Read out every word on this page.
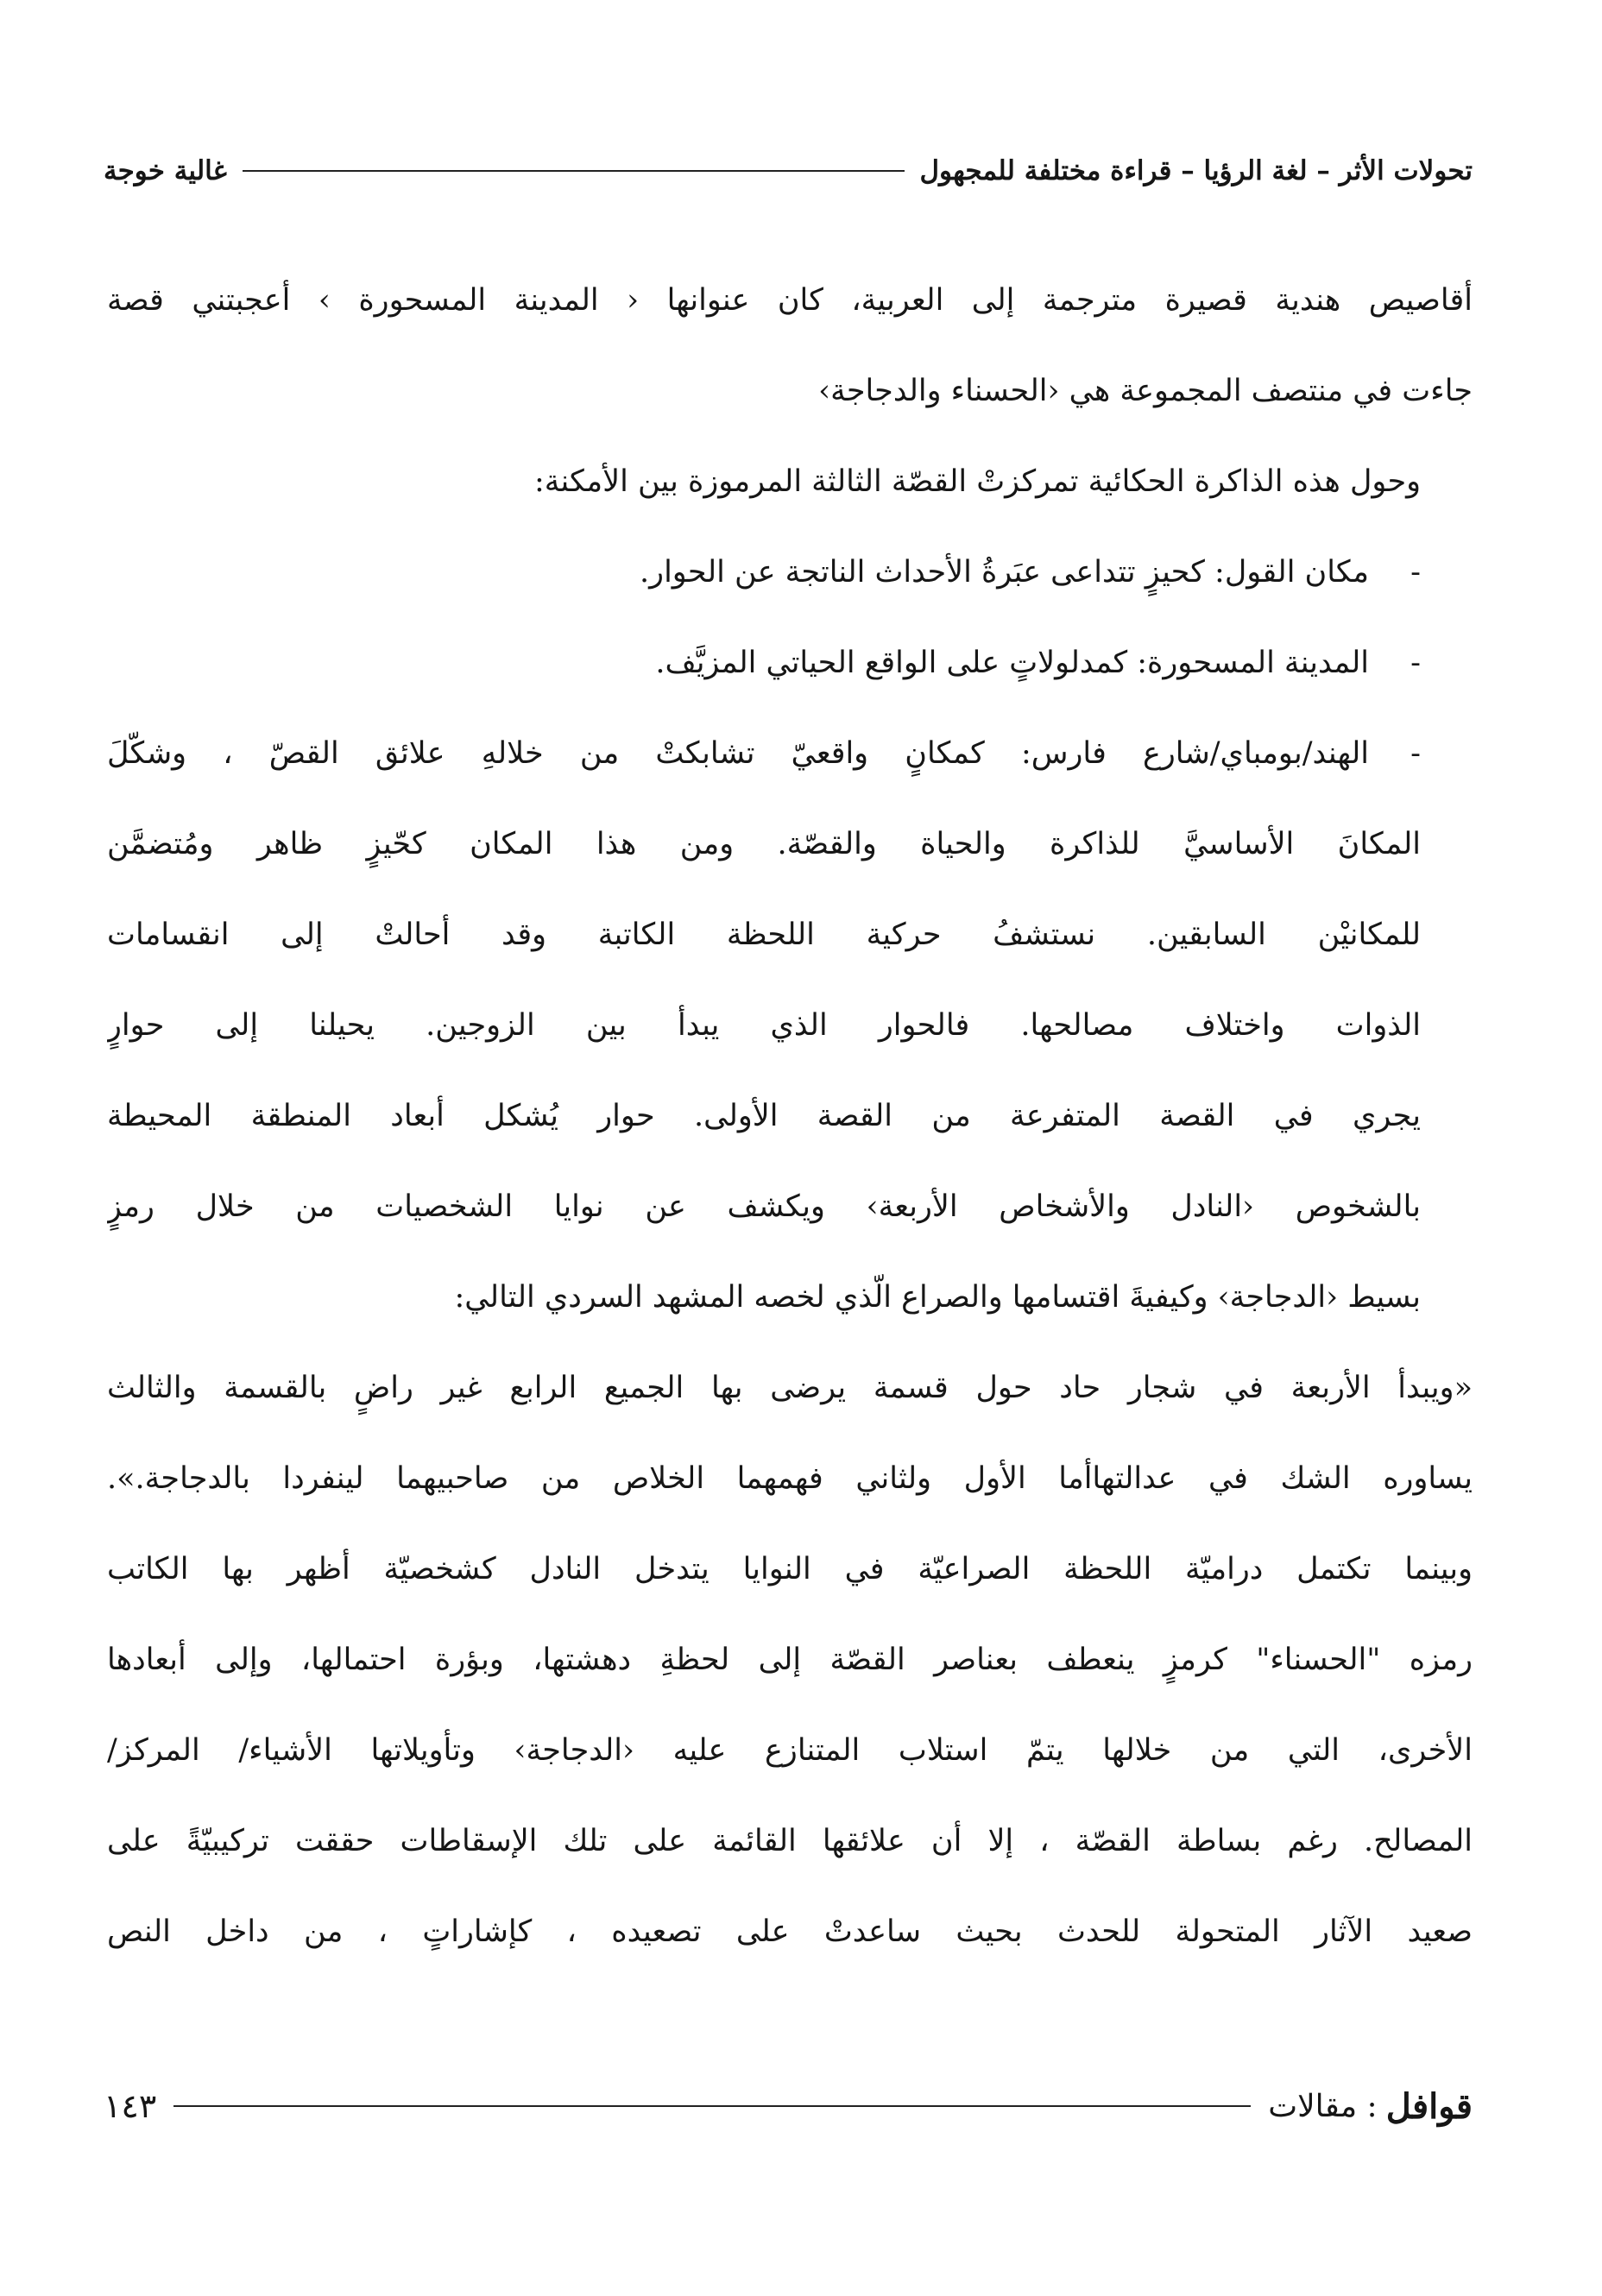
تحولات الأثر – لغة الرؤيا – قراءة مختلفة للمجهول
غالية خوجة
أقاصيص هندية قصيرة مترجمة إلى العربية، كان عنوانها ‹ المدينة المسحورة › أعجبتني قصة
جاءت في منتصف المجموعة هي ‹الحسناء والدجاجة›
وحول هذه الذاكرة الحكائية تمركزتْ القصّة الثالثة المرموزة بين الأمكنة:
-مكان القول: كحيزٍ تتداعى عبَرةُ الأحداث الناتجة عن الحوار.
-المدينة المسحورة: كمدلولاتٍ على الواقع الحياتي المزيَّف.
-الهند/بومباي/شارع فارس: كمكانٍ واقعيّ تشابكتْ من خلالهِ علائق القصّ ، وشكّلَ
المكانَ الأساسيَّ للذاكرة والحياة والقصّة. ومن هذا المكان كحّيزٍ ظاهر ومُتضمَّن
للمكانيْن السابقين. نستشفُ حركية اللحظة الكاتبة وقد أحالتْ إلى انقسامات
الذوات واختلاف مصالحها. فالحوار الذي يبدأ بين الزوجين. يحيلنا إلى حوارٍ
يجري في القصة المتفرعة من القصة الأولى. حوار يُشكل أبعاد المنطقة المحيطة
بالشخوص ‹النادل والأشخاص الأربعة› ويكشف عن نوايا الشخصيات من خلال رمزٍ
بسيط ‹الدجاجة› وكيفيةَ اقتسامها والصراع الّذي لخصه المشهد السردي التالي:
«ويبدأ الأربعة في شجار حاد حول قسمة يرضى بها الجميع الرابع غير راضٍ بالقسمة والثالث
يساوره الشك في عدالتهاأما الأول ولثاني فهمهما الخلاص من صاحبيهما لينفردا بالدجاجة.».
وبينما تكتمل دراميّة اللحظة الصراعيّة في النوايا يتدخل النادل كشخصيّة أظهر بها الكاتب
رمزه "الحسناء" كرمزٍ ينعطف بعناصر القصّة إلى لحظةِ دهشتها، وبؤرة احتمالها، وإلى أبعادها
الأخرى، التي من خلالها يتمّ استلاب المتنازع عليه ‹الدجاجة› وتأويلاتها الأشياء/ المركز/
المصالح. رغم بساطة القصّة ، إلا أن علائقها القائمة على تلك الإسقاطات حققت تركيبيّةً على
صعيد الآثار المتحولة للحدث بحيث ساعدتْ على تصعيده ، كإشاراتٍ ، من داخل النص
قوافل
: مقالات
١٤٣
